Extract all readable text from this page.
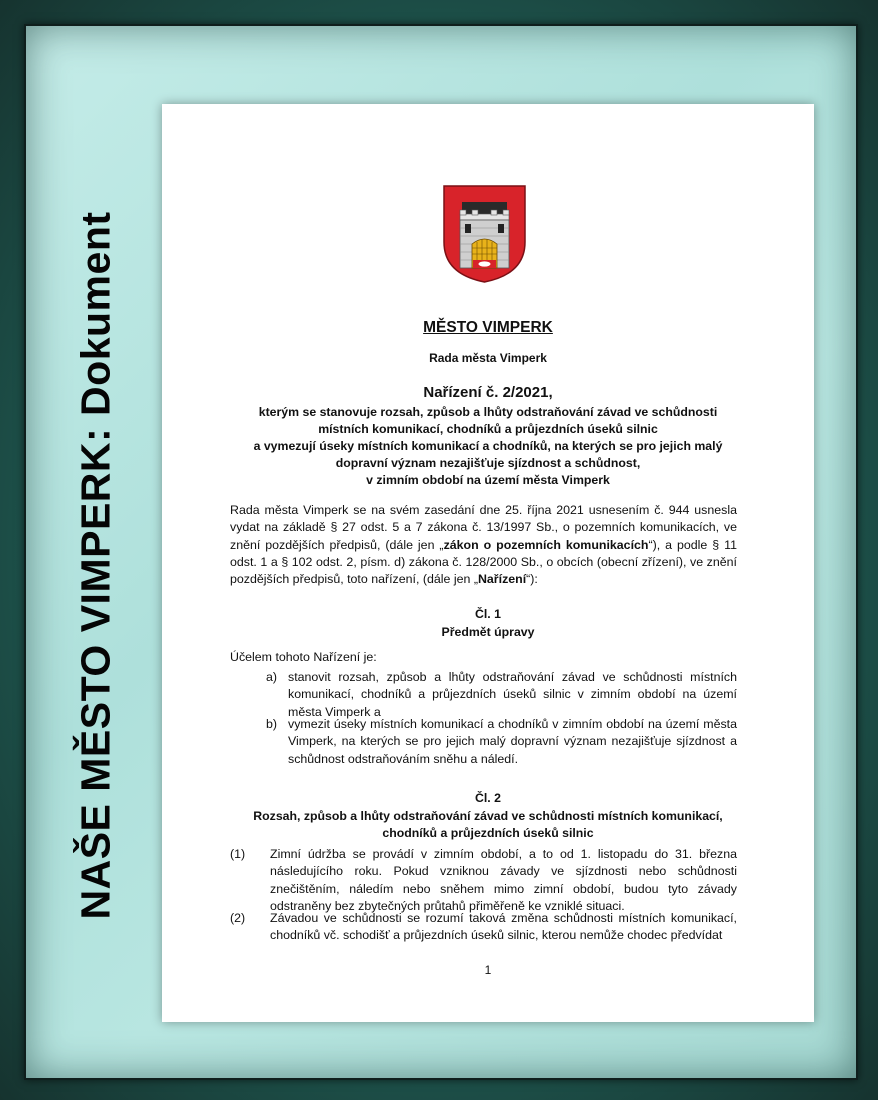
NAŠE MĚSTO VIMPERK: Dokument	MĚSTO VIMPERK
Rada města Vimperk
Nařízení č. 2/2021,
kterým se stanovuje rozsah, způsob a lhůty odstraňování závad ve schůdnosti
místních komunikací, chodníků a průjezdních úseků silnic
a vymezují úseky místních komunikací a chodníků, na kterých se pro jejich malý
dopravní význam nezajišťuje sjízdnost a schůdnost,
v zimním období na území města Vimperk
Rada města Vimperk se na svém zasedání dne 25. října 2021 usnesením č. 944 usnesla vydat na základě § 27 odst. 5 a 7 zákona č. 13/1997 Sb., o pozemních komunikacích, ve znění pozdějších předpisů, (dále jen „zákon o pozemních komunikacích“), a podle § 11 odst. 1 a § 102 odst. 2, písm. d) zákona č. 128/2000 Sb., o obcích (obecní zřízení), ve znění pozdějších předpisů, toto nařízení, (dále jen „Nařízení“):
Čl. 1
Předmět úpravy
Účelem tohoto Nařízení je:
a) stanovit rozsah, způsob a lhůty odstraňování závad ve schůdnosti místních komunikací, chodníků a průjezdních úseků silnic v zimním období na území města Vimperk a
b) vymezit úseky místních komunikací a chodníků v zimním období na území města Vimperk, na kterých se pro jejich malý dopravní význam nezajišťuje sjízdnost a schůdnost odstraňováním sněhu a náledí.
Čl. 2
Rozsah, způsob a lhůty odstraňování závad ve schůdnosti místních komunikací,
chodníků a průjezdních úseků silnic
(1) Zimní údržba se provádí v zimním období, a to od 1. listopadu do 31. března následujícího roku. Pokud vzniknou závady ve sjízdnosti nebo schůdnosti znečištěním, náledím nebo sněhem mimo zimní období, budou tyto závady odstraněny bez zbytečných průtahů přiměřeně ke vzniklé situaci.
(2) Závadou ve schůdnosti se rozumí taková změna schůdnosti místních komunikací, chodníků vč. schodišť a průjezdních úseků silnic, kterou nemůže chodec předvídat
1
